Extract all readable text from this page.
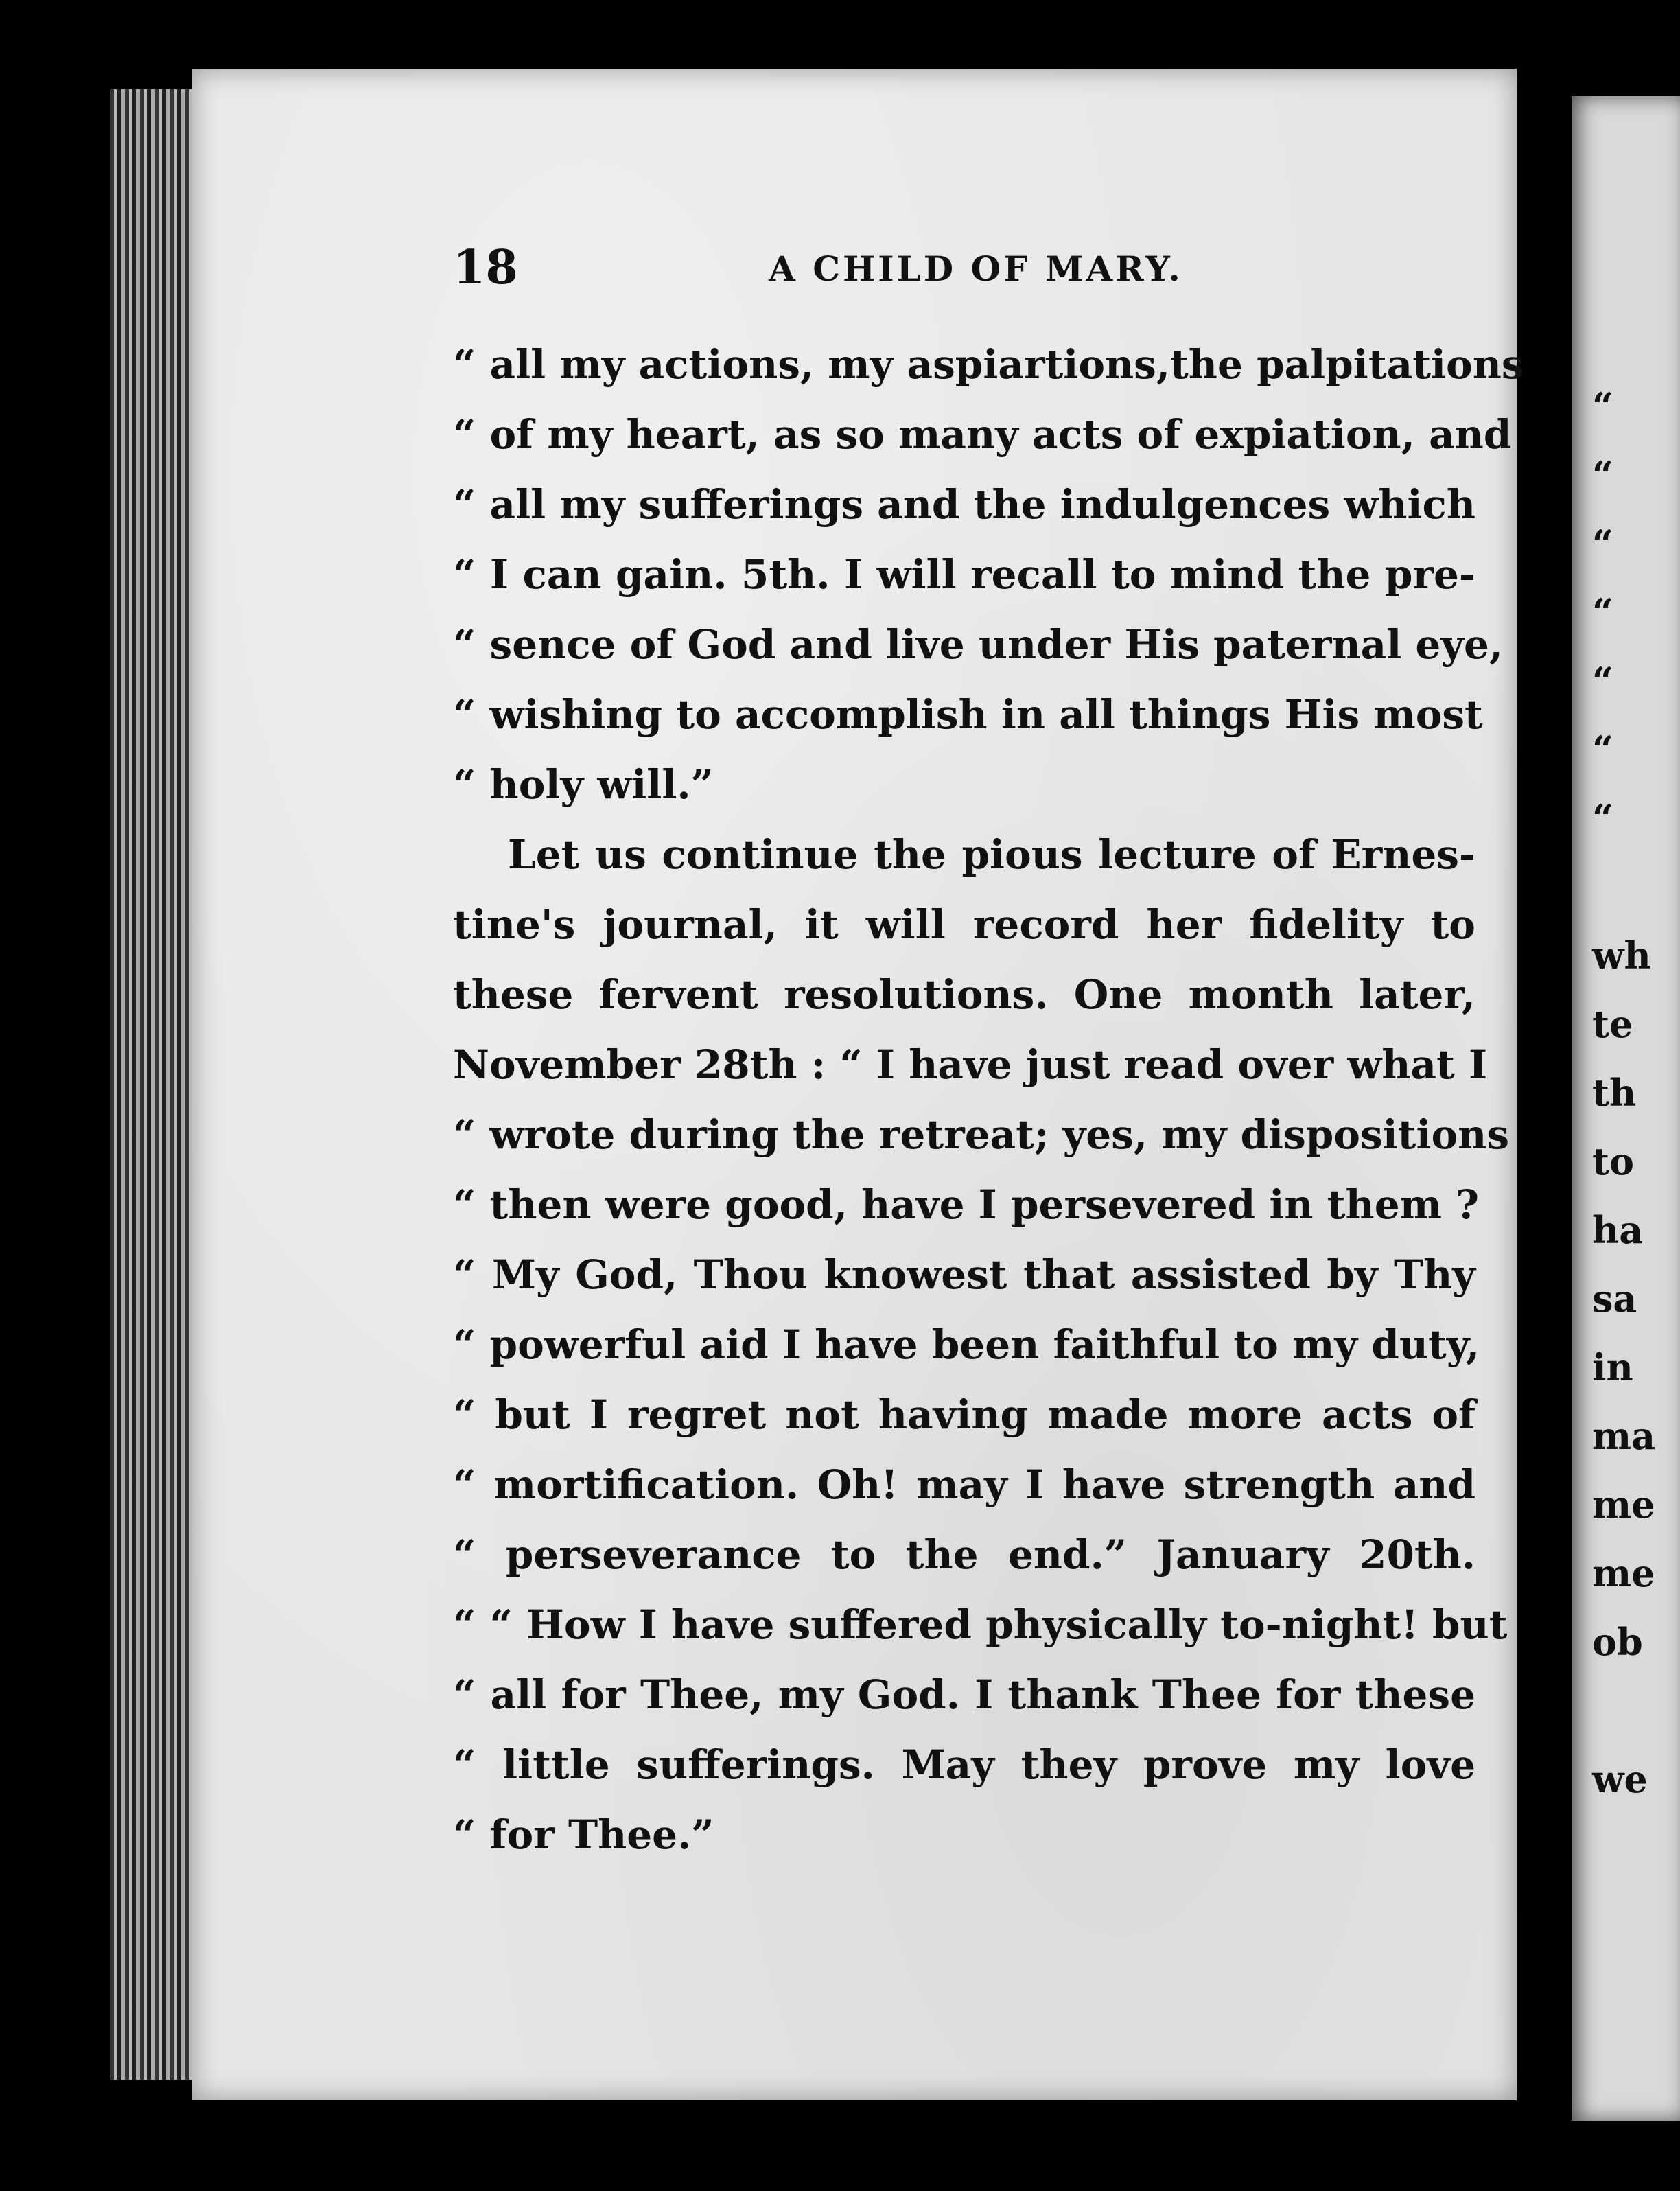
“
“
“
“
“
“
“
wh
te
th
to
ha
sa
in
ma
me
me
ob
we
18	A CHILD OF MARY.
“ all my actions, my aspiartions,the palpitations
“ of my heart, as so many acts of expiation, and
“ all my sufferings and the indulgences which
“ I can gain. 5th. I will recall to mind the pre-
“ sence of God and live under His paternal eye,
“ wishing to accomplish in all things His most
“ holy will.”
Let us continue the pious lecture of Ernes-
tine's journal, it will record her fidelity to
these fervent resolutions. One month later,
November 28th : “ I have just read over what I
“ wrote during the retreat; yes, my dispositions
“ then were good, have I persevered in them ?
“ My God, Thou knowest that assisted by Thy
“ powerful aid I have been faithful to my duty,
“ but I regret not having made more acts of
“ mortification. Oh! may I have strength and
“ perseverance to the end.” January 20th.
“ “ How I have suffered physically to-night! but
“ all for Thee, my God. I thank Thee for these
“ little sufferings. May they prove my love
“ for Thee.”
